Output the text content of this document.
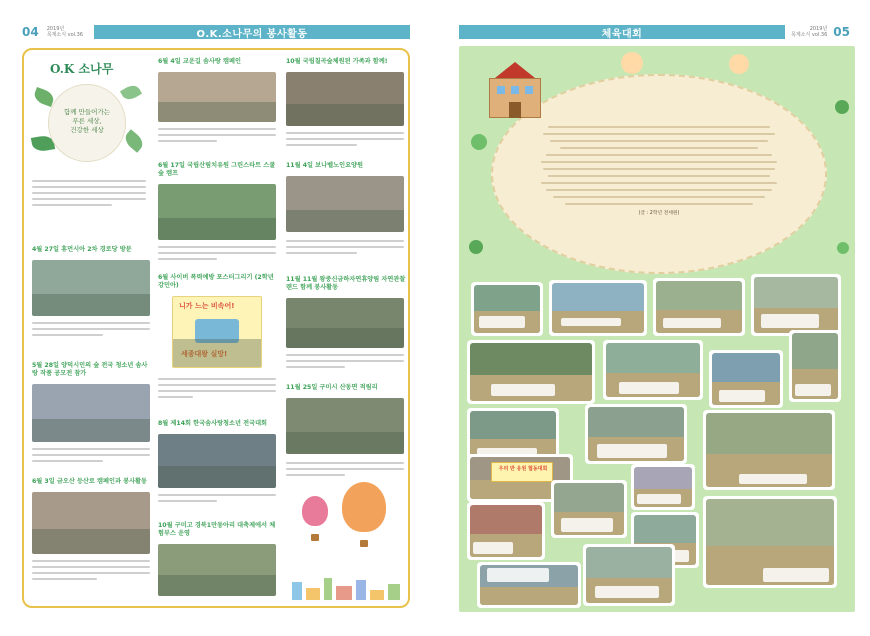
04 2019년
목계소식 vol.36	O.K.소나무의 봉사활동
O.K 소나무
함께 만들어가는
푸른 세상,
건강한 세상
4월 27일 휴먼시아 2차 경로당 방문
5월 28일 양덕시민의 숲 전국 청소년 솜사랑 작품 공모전 참가
6월 3일 금오산 등산로 캠페인과 봉사활동
6월 4일 교운길 솜사랑 캠페인
6월 17일 국립산림치유원 그린스타트 스쿨 숲 캠프
6월 사이버 폭력예방 포스터그리기 (2학년강민아)
니가 느는 비속어!
세종대왕 실망!
8월 제14회 한국솜사랑청소년 전국대회
10월 구미고 경북1만동아리 대축제에서 체험부스 운영
10월 국립칠곡숲체원된 가족과 함께!
11월 4일 보나벨노인요양원
11월 11월 왕중신금하자연휴양림 자연관찰랜드 함께 봉사활동
11월 25일 구미시 산동면 적림리
체육대회	2019년
목계소식 vol.36 05
(글 : 2학년 전세원)
우리 반 응원 협동대회
